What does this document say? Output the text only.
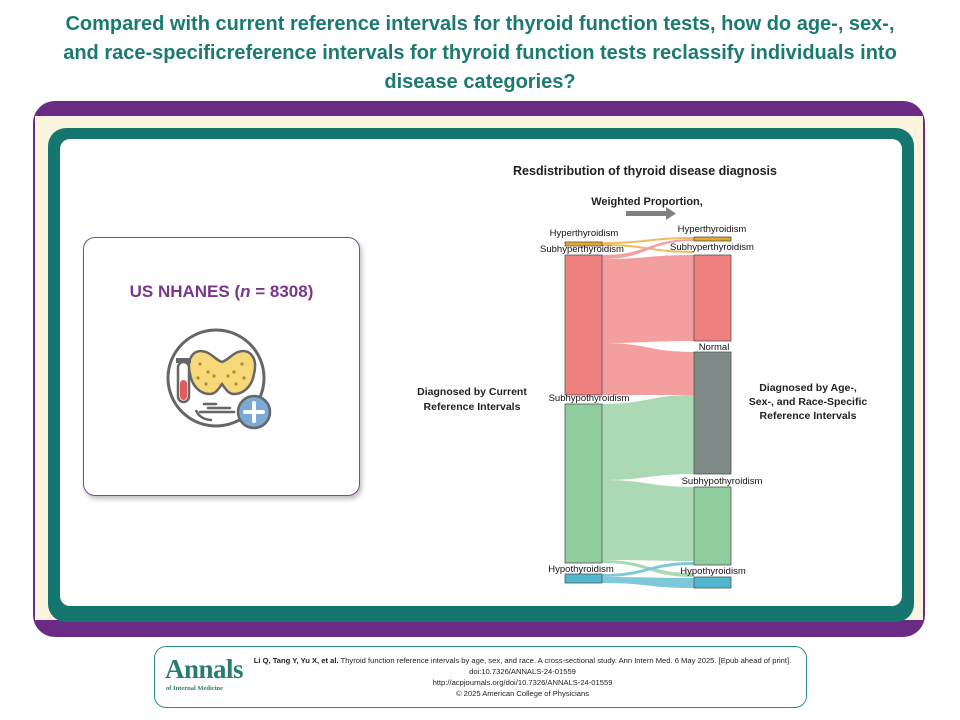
Compared with current reference intervals for thyroid function tests, how do age-, sex-, and race-specificreference intervals for thyroid function tests reclassify individuals into disease categories?

US NHANES (n = 8308)

Resdistribution of thyroid disease diagnosis
Weighted Proportion,
Hyperthyroidism
Subhyperthyroidism
Subhypothyroidism
Hypothyroidism
Hyperthyroidism
Subhyperthyroidism
Normal
Subhypothyroidism
Hypothyroidism
Diagnosed by Current
Reference Intervals
Diagnosed by Age-,
Sex-, and Race-Specific
Reference Intervals
Annals
of Internal Medicine
Li Q, Tang Y, Yu X, et al. Thyroid function reference intervals by age, sex, and race. A cross-sectional study. Ann Intern Med. 6 May 2025. [Epub ahead of print]. doi:10.7326/ANNALS-24-01559
http://acpjournals.org/doi/10.7326/ANNALS-24-01559
© 2025 American College of Physicians
